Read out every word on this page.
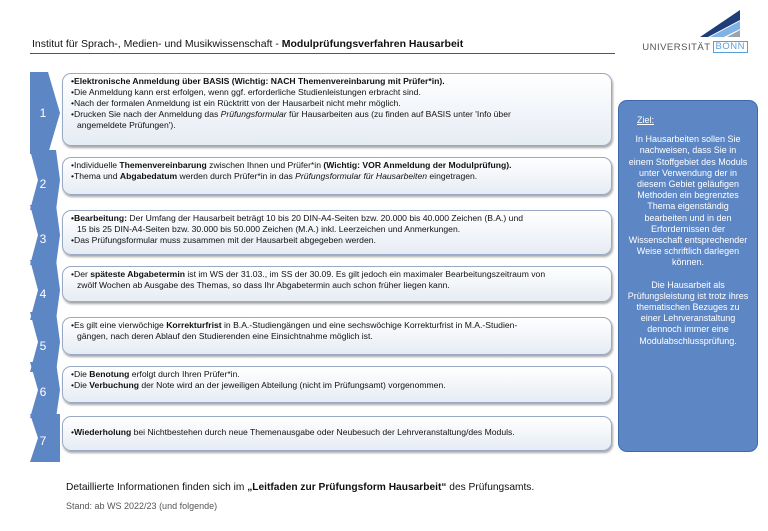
Institut für Sprach-, Medien- und Musikwissenschaft - Modulprüfungsverfahren Hausarbeit	UNIVERSITÄT BONN
1
2
3
4
5
6
7
•Elektronische Anmeldung über BASIS (Wichtig: NACH Themenvereinbarung mit Prüfer*in).
•Die Anmeldung kann erst erfolgen, wenn ggf. erforderliche Studienleistungen erbracht sind.
•Nach der formalen Anmeldung ist ein Rücktritt von der Hausarbeit nicht mehr möglich.
•Drucken Sie nach der Anmeldung das Prüfungsformular für Hausarbeiten aus (zu finden auf BASIS unter 'Info über
angemeldete Prüfungen').
•Individuelle Themenvereinbarung zwischen Ihnen und Prüfer*in (Wichtig: VOR Anmeldung der Modulprüfung).
•Thema und Abgabedatum werden durch Prüfer*in in das Prüfungsformular für Hausarbeiten eingetragen.
•Bearbeitung: Der Umfang der Hausarbeit beträgt 10 bis 20 DIN-A4-Seiten bzw. 20.000 bis 40.000 Zeichen (B.A.) und
15 bis 25 DIN-A4-Seiten bzw. 30.000 bis 50.000 Zeichen (M.A.) inkl. Leerzeichen und Anmerkungen.
•Das Prüfungsformular muss zusammen mit der Hausarbeit abgegeben werden.
•Der späteste Abgabetermin ist im WS der 31.03., im SS der 30.09. Es gilt jedoch ein maximaler Bearbeitungszeitraum von
zwölf Wochen ab Ausgabe des Themas, so dass Ihr Abgabetermin auch schon früher liegen kann.
•Es gilt eine vierwöchige Korrekturfrist in B.A.-Studiengängen und eine sechswöchige Korrekturfrist in M.A.-Studien-
gängen, nach deren Ablauf den Studierenden eine Einsichtnahme möglich ist.
•Die Benotung erfolgt durch Ihren Prüfer*in.
•Die Verbuchung der Note wird an der jeweiligen Abteilung (nicht im Prüfungsamt) vorgenommen.
•Wiederholung bei Nichtbestehen durch neue Themenausgabe oder Neubesuch der Lehrveranstaltung/des Moduls.
Ziel:
In Hausarbeiten sollen Sie nachweisen, dass Sie in einem Stoffgebiet des Moduls unter Verwendung der in diesem Gebiet geläufigen Methoden ein begrenztes Thema eigenständig bearbeiten und in den Erfordernissen der Wissenschaft entsprechender Weise schriftlich darlegen können.
Die Hausarbeit als Prüfungsleistung ist trotz ihres thematischen Bezuges zu einer Lehrveranstaltung dennoch immer eine Modulabschlussprüfung.
Detaillierte Informationen finden sich im „Leitfaden zur Prüfungsform Hausarbeit“ des Prüfungsamts.
Stand: ab WS 2022/23 (und folgende)
